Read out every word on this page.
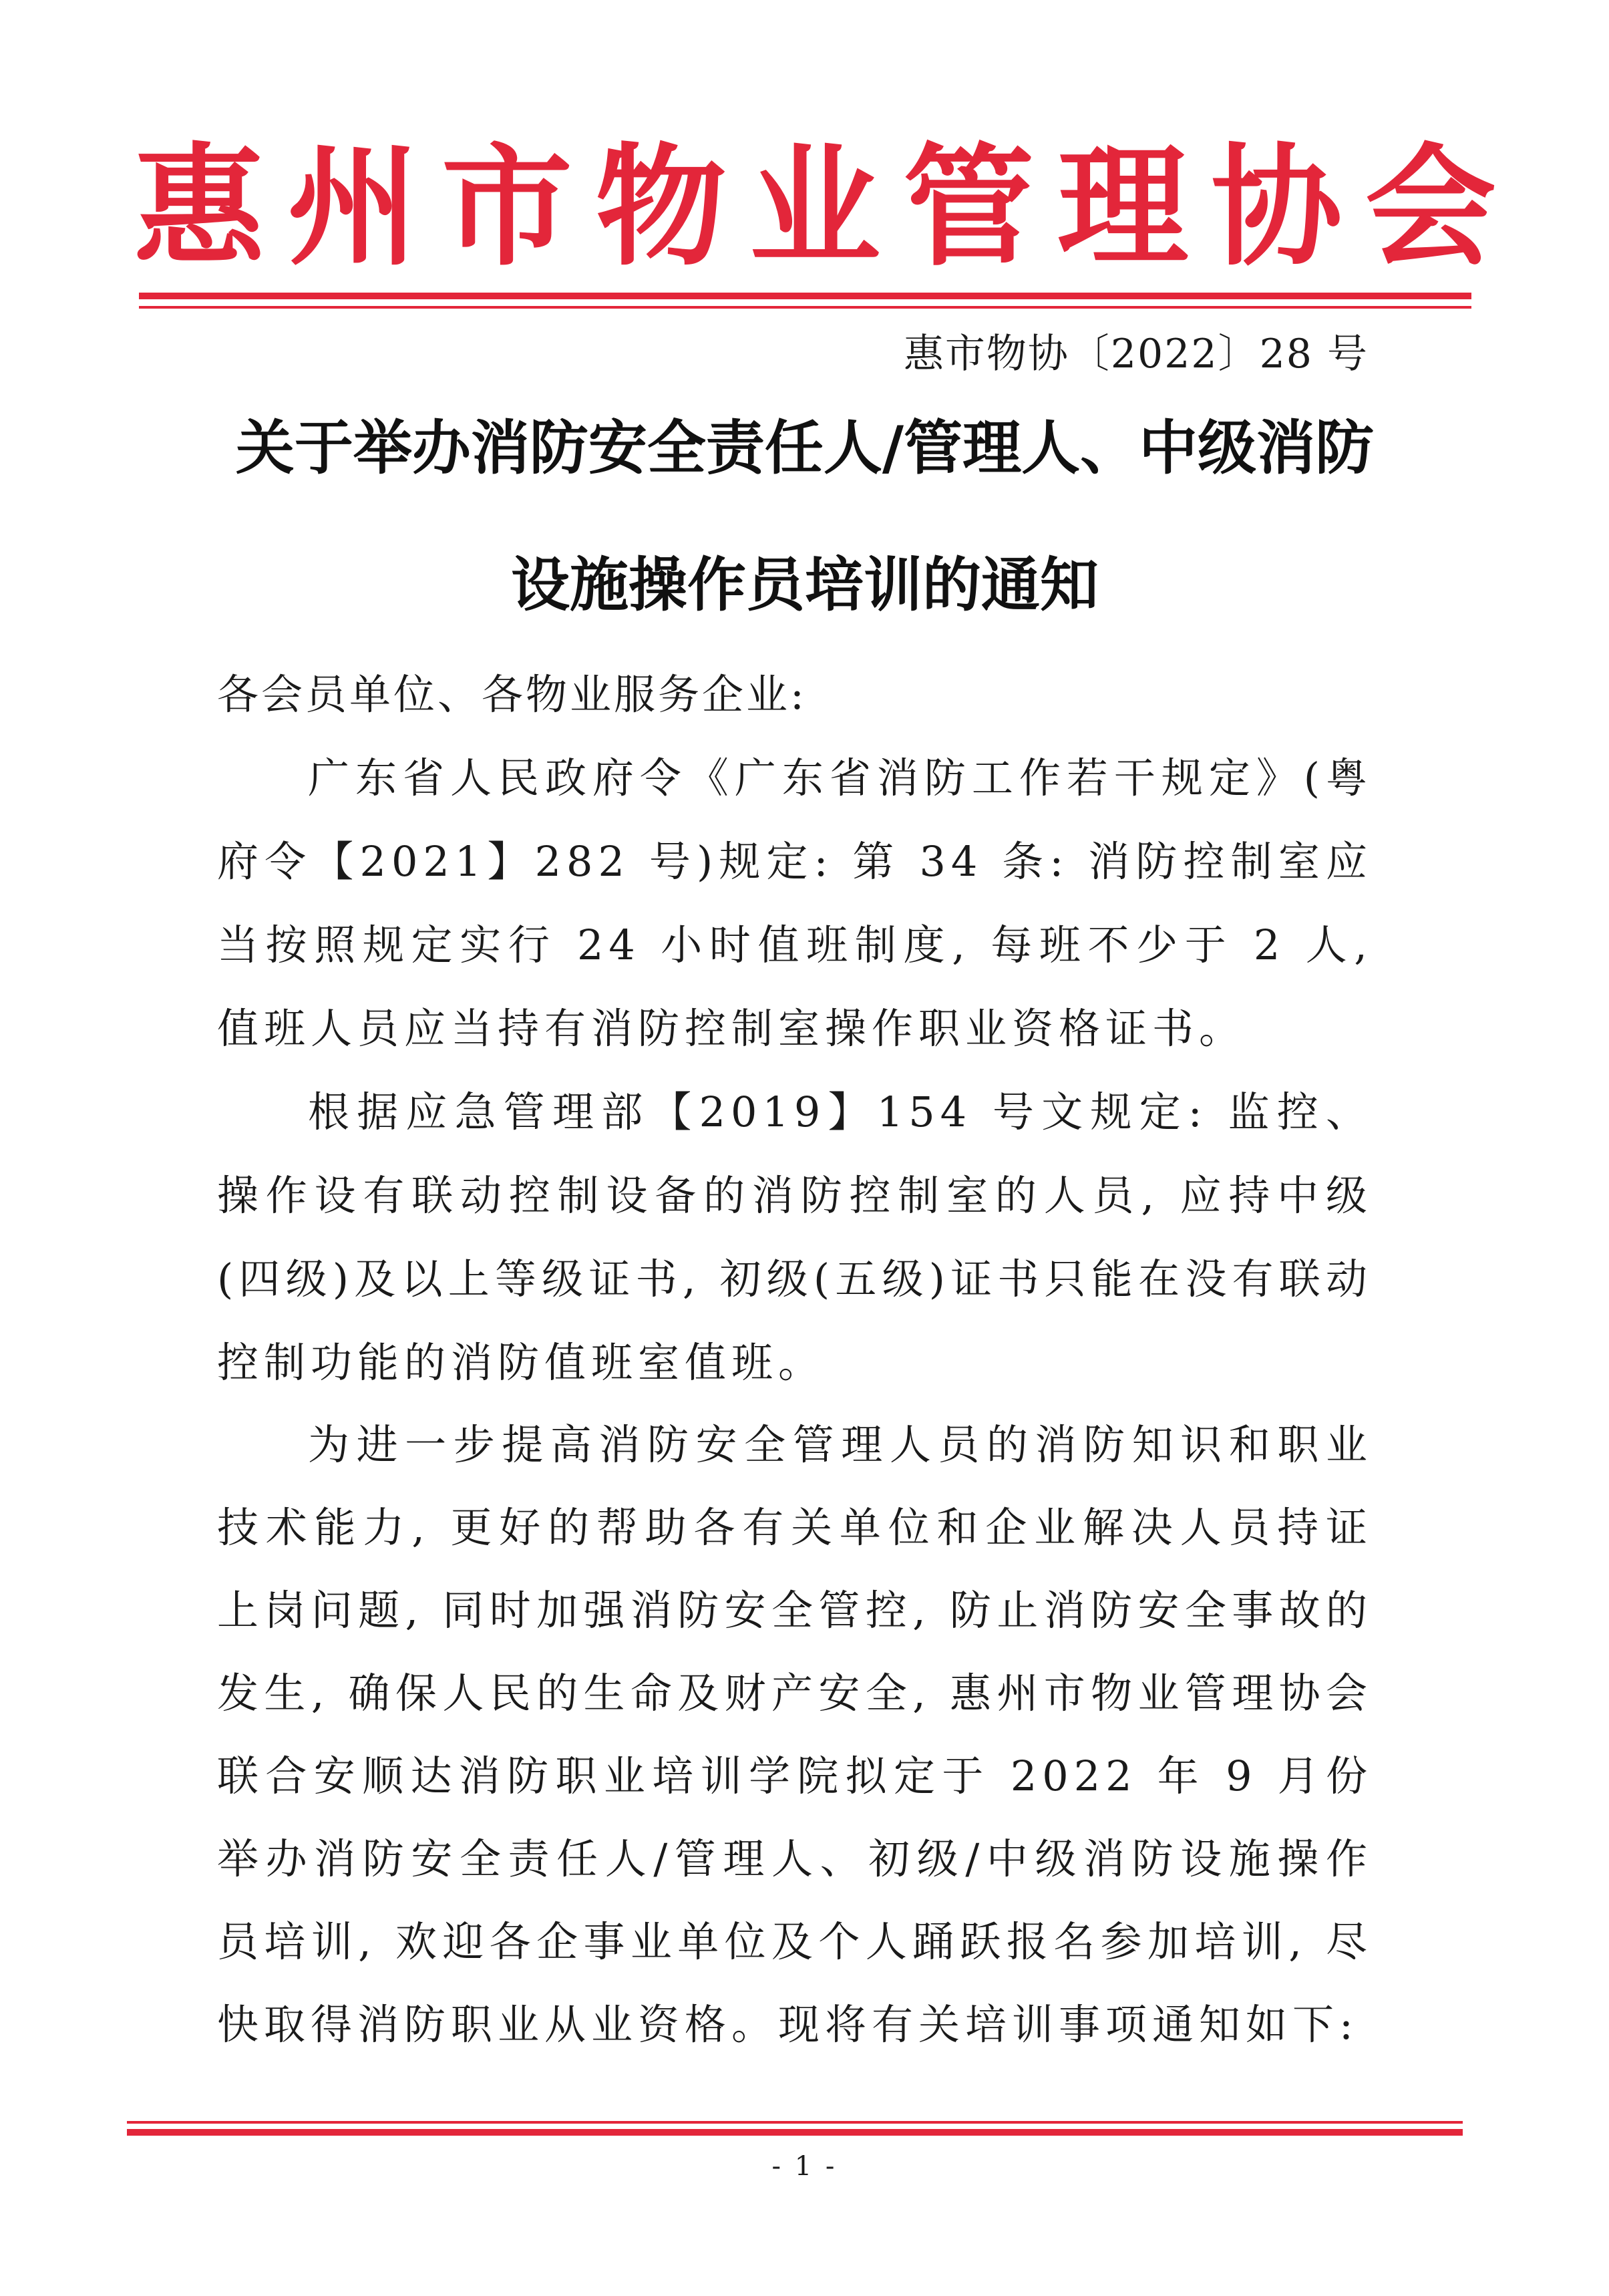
惠 州 市 物 业 管 理 协 会
惠市物协〔2022〕28 号
关于举办消防安全责任人/管理人、中级消防
设施操作员培训的通知
各会员单位、各物业服务企业:

广东省人民政府令《广东省消防工作若干规定》(粤府令【2021】282 号)规定: 第 34 条: 消防控制室应当按照规定实行 24 小时值班制度, 每班不少于 2 人, 值班人员应当持有消防控制室操作职业资格证书。

根据应急管理部【2019】154 号文规定: 监控、操作设有联动控制设备的消防控制室的人员, 应持中级(四级)及以上等级证书, 初级(五级)证书只能在没有联动控制功能的消防值班室值班。

为进一步提高消防安全管理人员的消防知识和职业技术能力, 更好的帮助各有关单位和企业解决人员持证上岗问题, 同时加强消防安全管控, 防止消防安全事故的发生, 确保人民的生命及财产安全, 惠州市物业管理协会联合安顺达消防职业培训学院拟定于 2022 年 9 月份举办消防安全责任人/管理人、初级/中级消防设施操作员培训, 欢迎各企事业单位及个人踊跃报名参加培训, 尽快取得消防职业从业资格。现将有关培训事项通知如下:

- 1 -
